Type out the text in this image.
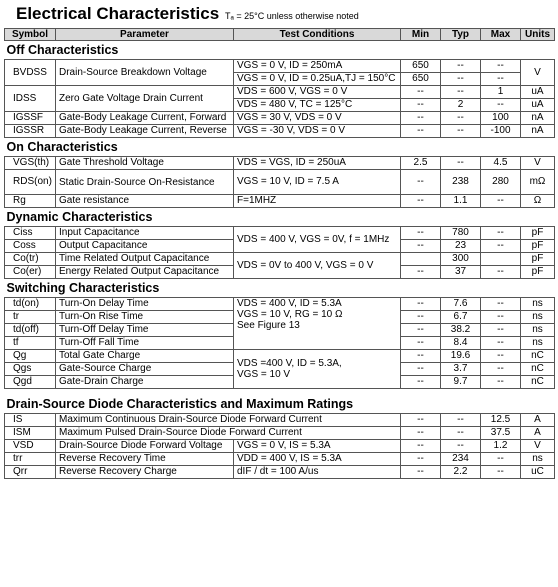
Electrical Characteristics Tₐ = 25°C unless otherwise noted
Symbol	Parameter	Test Conditions	Min	Typ	Max	Units
Off Characteristics						
BVDSS	Drain-Source Breakdown Voltage	VGS = 0 V, ID = 250mA	650	--	--	V
		VGS = 0 V, ID = 0.25uA,TJ = 150°C	650	--	--	
IDSS	Zero Gate Voltage Drain Current	VDS = 600 V, VGS = 0 V	--	--	1	uA
		VDS = 480 V, TC = 125°C	--	2	--	uA
IGSSF	Gate-Body Leakage Current, Forward	VGS = 30 V, VDS = 0 V	--	--	100	nA
IGSSR	Gate-Body Leakage Current, Reverse	VGS = -30 V, VDS = 0 V	--	--	-100	nA
On Characteristics						
VGS(th)	Gate Threshold Voltage	VDS = VGS, ID = 250uA	2.5	--	4.5	V
RDS(on)	Static Drain-Source On-Resistance	VGS = 10 V, ID = 7.5 A	--	238	280	mΩ
Rg	Gate resistance	F=1MHZ	--	1.1	--	Ω
Dynamic Characteristics						
Ciss	Input Capacitance	VDS = 400 V, VGS = 0V, f = 1MHz	--	780	--	pF
Coss	Output Capacitance		--	23	--	pF
Co(tr)	Time Related Output Capacitance	VDS = 0V to 400 V, VGS = 0 V		300		pF
Co(er)	Energy Related Output Capacitance		--	37	--	pF
Switching Characteristics						
td(on)	Turn-On Delay Time	VDS = 400 V, ID = 5.3A
VGS = 10 V, RG = 10 Ω
See Figure 13	--	7.6	--	ns
tr	Turn-On Rise Time		--	6.7	--	ns
td(off)	Turn-Off Delay Time		--	38.2	--	ns
tf	Turn-Off Fall Time		--	8.4	--	ns
Qg	Total Gate Charge	VDS =400 V, ID = 5.3A,
VGS = 10 V	--	19.6	--	nC
Qgs	Gate-Source Charge		--	3.7	--	nC
Qgd	Gate-Drain Charge		--	9.7	--	nC

Drain-Source Diode Characteristics and Maximum Ratings						
IS	Maximum Continuous Drain-Source Diode Forward Current		--	--	12.5	A
ISM	Maximum Pulsed Drain-Source Diode Forward Current		--	--	37.5	A
VSD	Drain-Source Diode Forward Voltage	VGS = 0 V, IS = 5.3A	--	--	1.2	V
trr	Reverse Recovery Time	VDD = 400 V, IS = 5.3A	--	234	--	ns
Qrr	Reverse Recovery Charge	dIF / dt = 100 A/us	--	2.2	--	uC
